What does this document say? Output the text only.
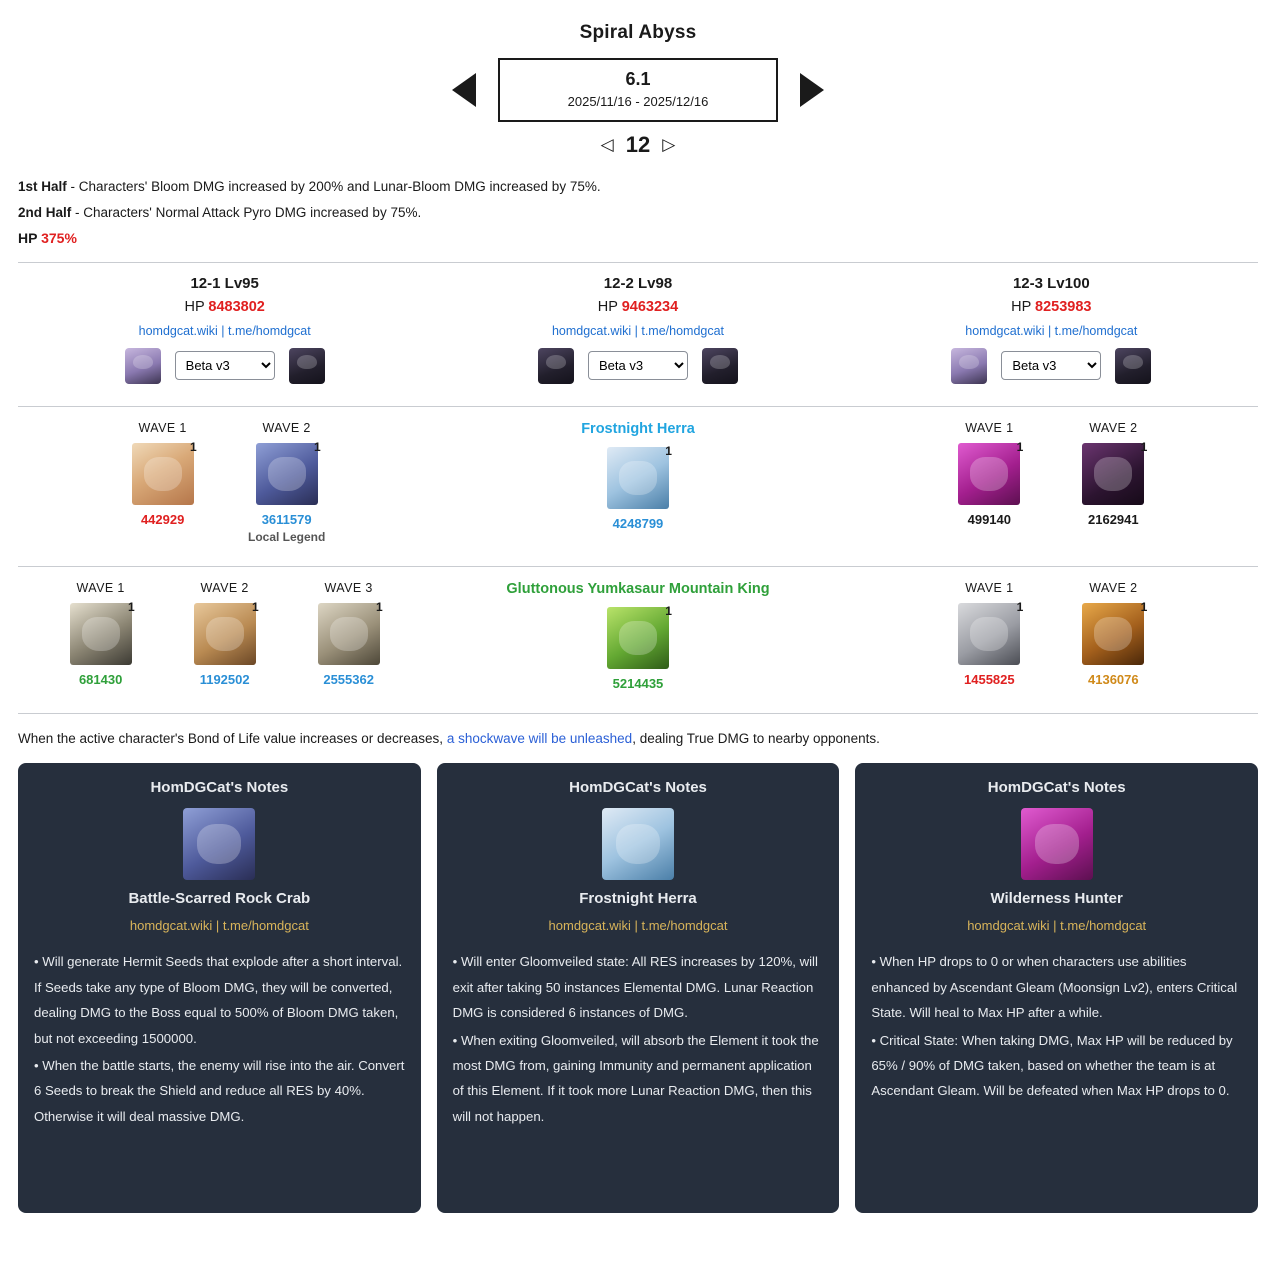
Spiral Abyss
6.1
2025/11/16 - 2025/12/16
◁ 12 ▷
1st Half - Characters' Bloom DMG increased by 200% and Lunar-Bloom DMG increased by 75%.
2nd Half - Characters' Normal Attack Pyro DMG increased by 75%.
HP 375%
12-1 Lv95
HP 8483802
homdgcat.wiki | t.me/homdgcat
Beta v3
12-2 Lv98
HP 9463234
homdgcat.wiki | t.me/homdgcat
Beta v3
12-3 Lv100
HP 8253983
homdgcat.wiki | t.me/homdgcat
Beta v3
WAVE 1
1
442929
WAVE 2
1
3611579
Local Legend
Frostnight Herra
1
4248799
WAVE 1
1
499140
WAVE 2
1
2162941
WAVE 1
1
681430
WAVE 2
1
1192502
WAVE 3
1
2555362
Gluttonous Yumkasaur Mountain King
1
5214435
WAVE 1
1
1455825
WAVE 2
1
4136076
When the active character's Bond of Life value increases or decreases, a shockwave will be unleashed, dealing True DMG to nearby opponents.
HomDGCat's Notes
Battle-Scarred Rock Crab
homdgcat.wiki | t.me/homdgcat

• Will generate Hermit Seeds that explode after a short interval. If Seeds take any type of Bloom DMG, they will be converted, dealing DMG to the Boss equal to 500% of Bloom DMG taken, but not exceeding 1500000.

• When the battle starts, the enemy will rise into the air. Convert 6 Seeds to break the Shield and reduce all RES by 40%. Otherwise it will deal massive DMG.

HomDGCat's Notes
Frostnight Herra
homdgcat.wiki | t.me/homdgcat

• Will enter Gloomveiled state: All RES increases by 120%, will exit after taking 50 instances Elemental DMG. Lunar Reaction DMG is considered 6 instances of DMG.

• When exiting Gloomveiled, will absorb the Element it took the most DMG from, gaining Immunity and permanent application of this Element. If it took more Lunar Reaction DMG, then this will not happen.

HomDGCat's Notes
Wilderness Hunter
homdgcat.wiki | t.me/homdgcat

• When HP drops to 0 or when characters use abilities enhanced by Ascendant Gleam (Moonsign Lv2), enters Critical State. Will heal to Max HP after a while.

• Critical State: When taking DMG, Max HP will be reduced by 65% / 90% of DMG taken, based on whether the team is at Ascendant Gleam. Will be defeated when Max HP drops to 0.
